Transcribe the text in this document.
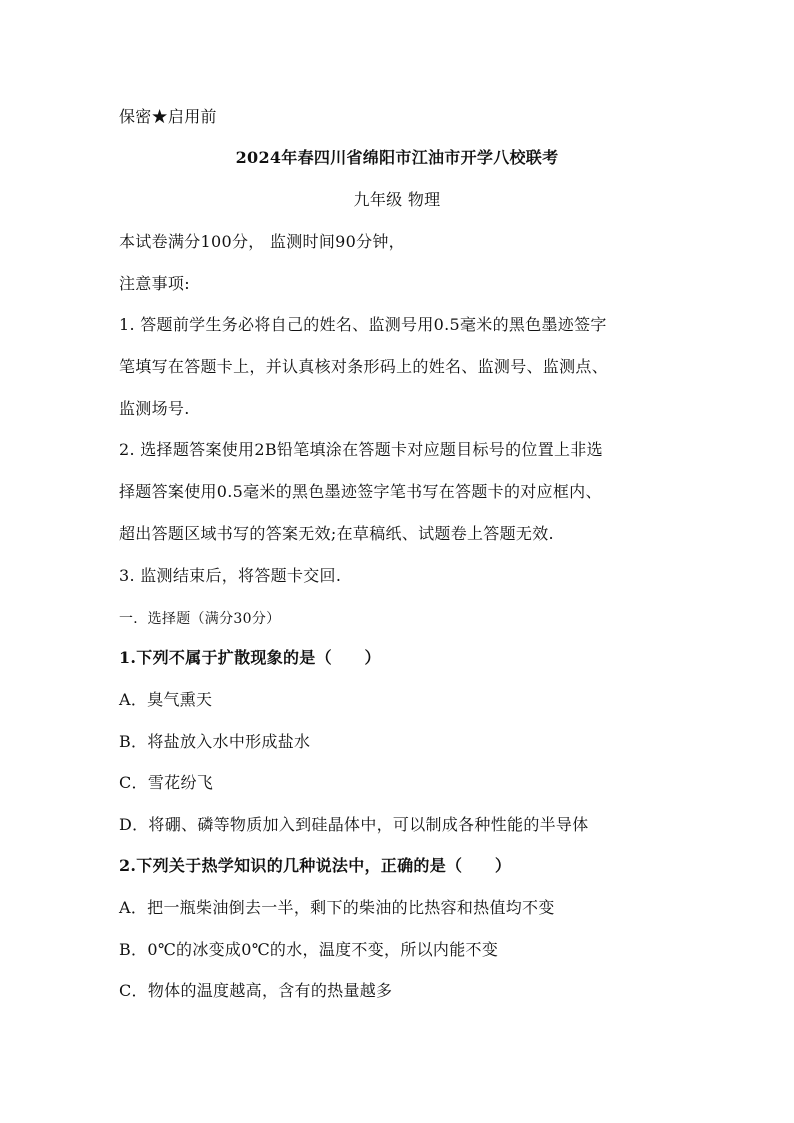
保密★启用前
2024年春四川省绵阳市江油市开学八校联考
九年级 物理
本试卷满分100分， 监测时间90分钟，
注意事项:
1. 答题前学生务必将自己的姓名、监测号用0.5毫米的黑色墨迹签字
笔填写在答题卡上，并认真核对条形码上的姓名、监测号、监测点、
监测场号.
2. 选择题答案使用2B铅笔填涂在答题卡对应题目标号的位置上非选
择题答案使用0.5毫米的黑色墨迹签字笔书写在答题卡的对应框内、
超出答题区域书写的答案无效;在草稿纸、试题卷上答题无效.
3. 监测结束后，将答题卡交回.
一．选择题（满分30分）
1.下列不属于扩散现象的是（　　）
A．臭气熏天
B．将盐放入水中形成盐水
C．雪花纷飞
D．将硼、磷等物质加入到硅晶体中，可以制成各种性能的半导体
2.下列关于热学知识的几种说法中，正确的是（　　）
A．把一瓶柴油倒去一半，剩下的柴油的比热容和热值均不变
B．0℃的冰变成0℃的水，温度不变，所以内能不变
C．物体的温度越高，含有的热量越多
